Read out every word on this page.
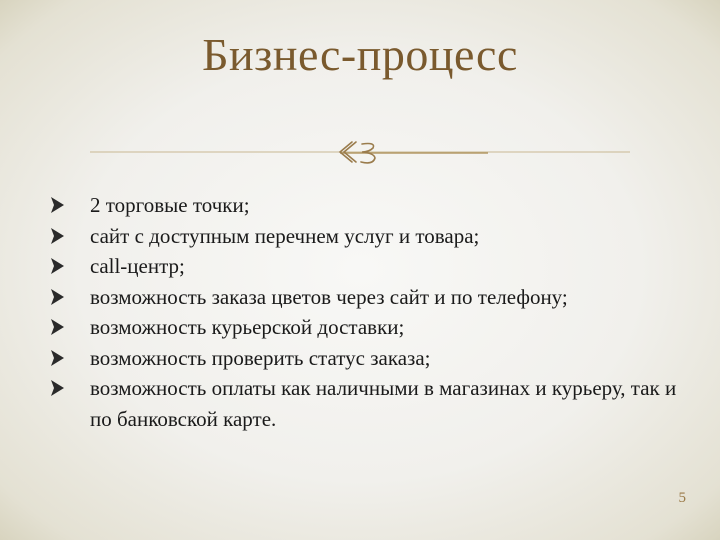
Бизнес-процесс
2 торговые точки;
сайт с доступным перечнем услуг и товара;
call-центр;
возможность заказа цветов через сайт и по телефону;
возможность курьерской доставки;
возможность проверить статус заказа;
возможность оплаты как наличными в магазинах и курьеру, так и по банковской карте.
5
